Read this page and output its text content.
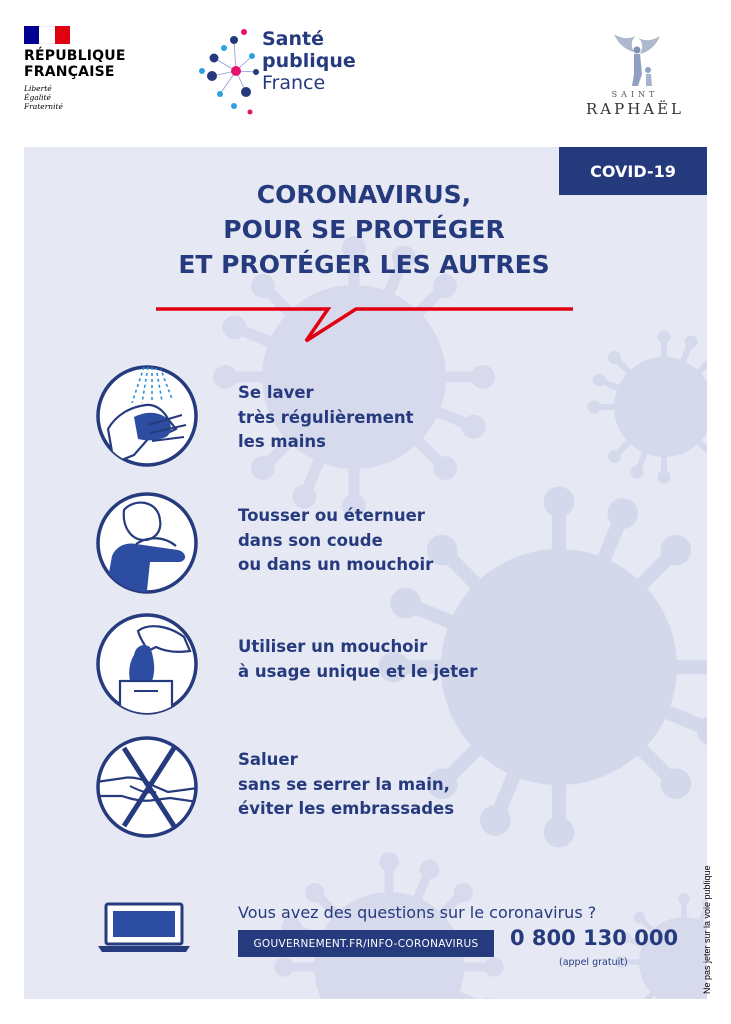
RÉPUBLIQUE
FRANÇAISE
Liberté
Égalité
Fraternité
Santé
publique
France
SAINT
RAPHAËL
COVID-19
CORONAVIRUS,
POUR SE PROTÉGER
ET PROTÉGER LES AUTRES
Se laver
très régulièrement
les mains
Tousser ou éternuer
dans son coude
ou dans un mouchoir
Utiliser un mouchoir
à usage unique et le jeter
Saluer
sans se serrer la main,
éviter les embrassades
Vous avez des questions sur le coronavirus ?
GOUVERNEMENT.FR/INFO-CORONAVIRUS	0 800 130 000
(appel gratuit)	Ne pas jeter sur la voie publique
